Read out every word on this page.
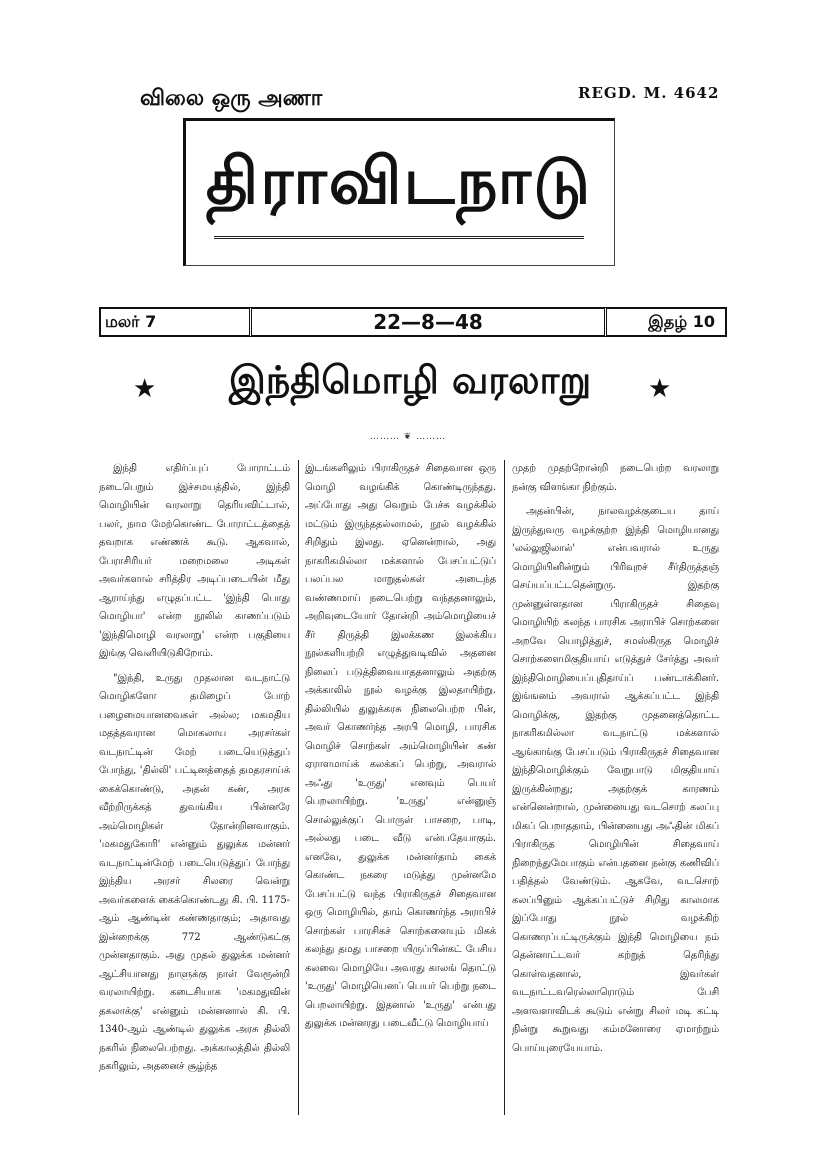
விலை ஒரு அணா	REGD. M. 4642
திராவிடநாடு
மலர் 7	22—8—48	இதழ் 10
★	இந்திமொழி வரலாறு	★
……… ❦ ………

இந்தி எதிர்ப்புப் போராட்டம் நடைபெறும் இச்சமயத்தில், இந்தி மொழியின் வரலாறு தெரியவிட்டால், பலர், நாம மேற்கொண்ட போராட்டத்தைத் தவறாக எண்ணக் கூடு. ஆகவால், பேராசிரியர் மறைமலை அடிகள் அவர்களால் சரித்திர அடிப்படையின் மீது ஆராய்ந்து எழுதப்பட்ட 'இந்தி பொது மொழியா' என்ற நூலில் காணப்படும் 'இந்திமொழி வரலாறு' என்ற பகுதியை இங்கு வெளியிடுகிறோம்.

"இந்தி, உருது முதலான வடநாட்டு மொழிகளோ தமிழைப் போற் பழைமையானவைகள் அல்ல; மகமதிய மதத்தவரான மொகலாய அரசர்கள் வடநாட்டின் மேற் படையெடுத்துப் போந்து, 'தில்லி' பட்டினத்தைத் தமதரசாய்க் கைக்கொண்டு, அதன் கண், அரசு வீற்றிருக்கத் துவங்கிய பின்னரே அம்மொழிகள் தோன்றினவாகும். 'மகமதுகோரி' என்னும் துலுக்க மன்னர் வடநாட்டின்மேற் படையெடுத்துப் போந்து இந்திய அரசர் சிலரை வென்று அவர்களைக் கைக்கொண்டது கி. பி. 1175-ஆம் ஆண்டின் கண்ணதாகும்; அதாவது இன்றைக்கு 772 ஆண்டுகட்கு முன்னதாகும். அது முதல் துலுக்க மன்னர் ஆட்சியானது நாளுக்கு நாள் வேரூன்றி வரலாயிற்று. கடைசியாக 'மகமதுவின் தகலாக்கு' என்னும் மன்னனால் கி. பி. 1340-ஆம் ஆண்டில் துலுக்க அரசு தில்லி நகரில் நிலைபெற்றது. அக்காலத்தில் தில்லி நகரிலும், அதனைச் சூழ்ந்த

இடங்களிலும் பிராகிருதச் சிதைவான ஒரு மொழி வழங்கிக் கொண்டிருந்தது. அப்போது அது வெறும் பேச்சு வழக்கில் மட்டும் இருந்ததல்லாமல், நூல் வழக்கில் சிறிதும் இலது. ஏனென்றால், அது நாகரிகமில்லா மக்களால் பேசப்பட்டுப் பலப்பல மாறுதல்கள் அடைந்த வண்ணமாய் நடைபெற்று வந்ததனாலும், அறிவுடையோர் தோன்றி அம்மொழியைச் சீர் திருத்தி இலக்கண இலக்கிய நூல்களியற்றி எழுத்துவடிவில் அதனை நிலைப் படுத்திவையாததனாலும் அதற்கு அக்காலில் நூல் வழக்கு இலதாயிற்று. தில்லியில் துலுக்கரசு நிலைபெற்ற பின், அவர் கொணர்ந்த அரபி மொழி, பாரசிக மொழிச் சொற்கள் அம்மொழியின் கண் ஏராளமாய்க் கலக்கப் பெற்று, அவரால் அஃது 'உருது' எனவும் பெயர் பெறலாயிற்று. 'உருது' என்னுஞ் சொல்லுக்குப் பொருள் பாசறை, பாடி, அல்லது படை வீடு என்பதேயாகும். எனவே, துலுக்க மன்னர்தாம் கைக் கொண்ட நகரை மடுத்து முன்னமே பேசப்பட்டு வந்த பிராகிருதச் சிதைவான ஒரு மொழியில், தாம் கொணர்ந்த அராபிச் சொற்கள் பாரசிகச் சொற்களையும் மிகக் கலந்து தமது பாசறை யிருப்பின்கட் பேசிய கலவை மொழியே அவரது காலங் தொட்டு 'உருது' மொழியெனப் பெயர் பெற்று நடை பெறலாயிற்று. இதனால் 'உருது' என்பது துலுக்க மன்னரது படைவீட்டு மொழியாய்

முதற் முதற்றோன்றி நடைபெற்ற வரலாறு நன்கு விளங்கா நிற்கும்.

அதன்பின், நாலவழக்குடைய தாய் இருந்துவரு வழக்குற்ற இந்தி மொழியானது 'லல்லுஜிலால்' என்பவரால் உருது மொழியினின்றும் பிரிவுறச் சீர்திருத்தஞ் செய்யப்பட்டதென்றுரு. இதற்கு முன்னுள்ளதான பிராகிருதச் சிதைவு மொழியிற் கலந்த பாரசிக அராபிச் சொற்களை அறவே யொழித்துச், சமஸ்கிருத மொழிச் சொற்களைமிகுதியாய் எடுத்துச் சேர்த்து அவர் இந்திமொழியைப்புதிதாய்ப் பண்டாக்கினர். இங்ஙனம் அவரால் ஆக்கப்பட்ட இந்தி மொழிக்கு, இதற்கு முதனைத்தொட்ட நாகரிகமில்லா வடநாட்டு மக்களால் ஆங்காங்கு பேசப்படும் பிராகிருதச் சிதைவான இந்திமொழிக்கும் வேறுபாடு மிகுதியாய் இருக்கின்றது; அதற்குக் காரணம் என்னென்றால், முன்னையது வடசொற் கலப்பு மிகப் பெறாததாம், பின்னையது அஃதின் மிகப் பிராகிருத மொழியின் சிதைவாய் நிறைந்துமேபாகும் என்பதனை நன்கு கணிவிப் பதித்தல் வேண்டும். ஆகவே, வடசொற் கலப்பினும் ஆக்கப்பட்டுச் சிறிது காலமாக இப்போது நூல் வழக்கிற் கொணரப்பட்டிருக்கும் இந்தி மொழியை நம் தென்னாட்டவர் கற்றுத் தெரிந்து கொள்வதனால், இவர்கள் வடநாட்டவரெல்லாரொடும் பேசி அளவளாவிடக் கூடும் என்று சிலர் மடி கட்டி நின்று கூறுவது கம்மனோரை ஏமாற்றும் பொய்யுரையேயாம்.
